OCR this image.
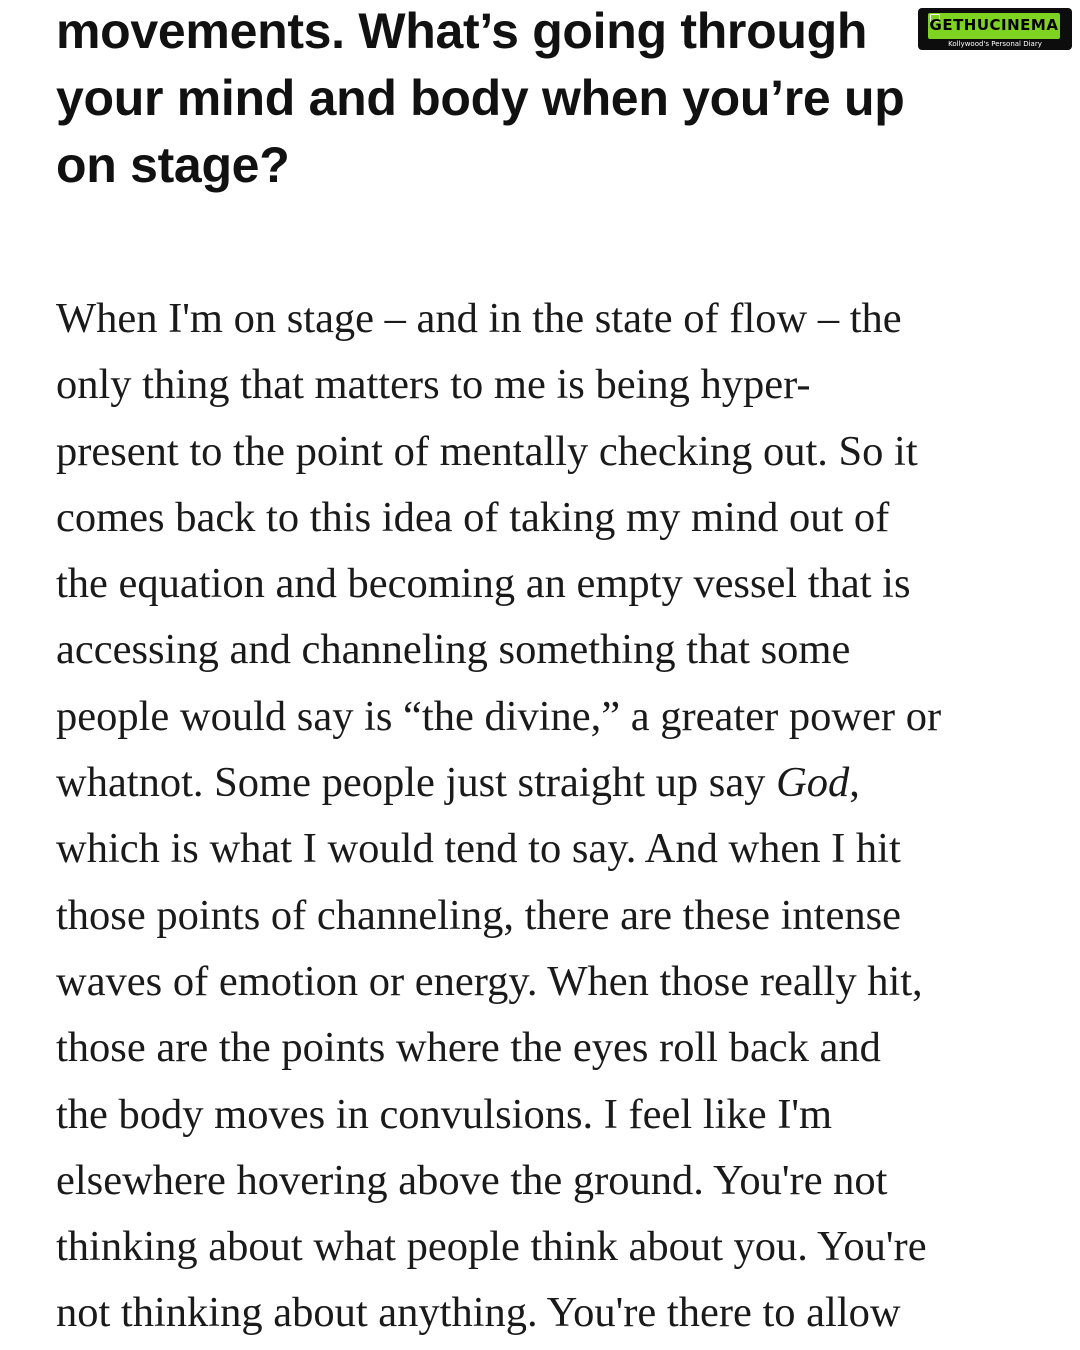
movements. What’s going through
your mind and body when you’re up
on stage?
GETHUCINEMA
Kollywood's Personal Diary
When I'm on stage – and in the state of flow – the
only thing that matters to me is being hyper-
present to the point of mentally checking out. So it
comes back to this idea of taking my mind out of
the equation and becoming an empty vessel that is
accessing and channeling something that some
people would say is “the divine,” a greater power or
whatnot. Some people just straight up say God,
which is what I would tend to say. And when I hit
those points of channeling, there are these intense
waves of emotion or energy. When those really hit,
those are the points where the eyes roll back and
the body moves in convulsions. I feel like I'm
elsewhere hovering above the ground. You're not
thinking about what people think about you. You're
not thinking about anything. You're there to allow
